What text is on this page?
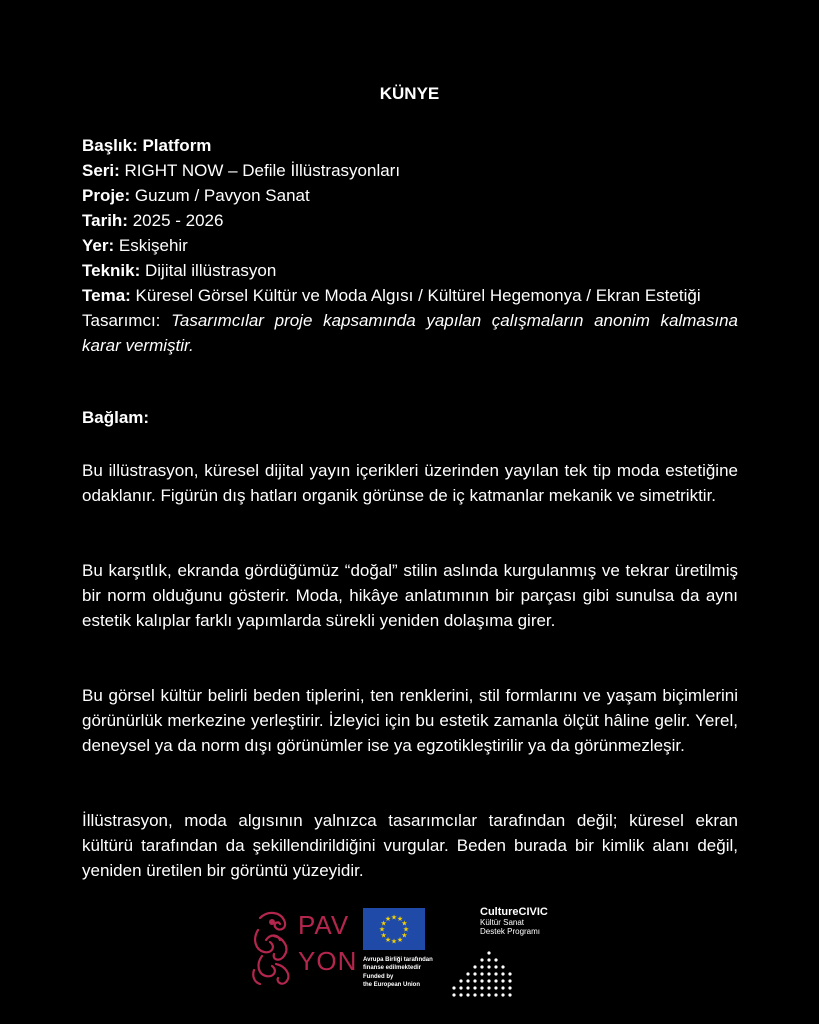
KÜNYE
Başlık: Platform
Seri: RIGHT NOW – Defile İllüstrasyonları
Proje: Guzum / Pavyon Sanat
Tarih: 2025 - 2026
Yer: Eskişehir
Teknik: Dijital illüstrasyon
Tema: Küresel Görsel Kültür ve Moda Algısı / Kültürel Hegemonya / Ekran Estetiği
Tasarımcı: Tasarımcılar proje kapsamında yapılan çalışmaların anonim kalmasına karar vermiştir.
Bağlam:
Bu illüstrasyon, küresel dijital yayın içerikleri üzerinden yayılan tek tip moda estetiğine odaklanır. Figürün dış hatları organik görünse de iç katmanlar mekanik ve simetriktir.
Bu karşıtlık, ekranda gördüğümüz “doğal” stilin aslında kurgulanmış ve tekrar üretilmiş bir norm olduğunu gösterir. Moda, hikâye anlatımının bir parçası gibi sunulsa da aynı estetik kalıplar farklı yapımlarda sürekli yeniden dolaşıma girer.
Bu görsel kültür belirli beden tiplerini, ten renklerini, stil formlarını ve yaşam biçimlerini görünürlük merkezine yerleştirir. İzleyici için bu estetik zamanla ölçüt hâline gelir. Yerel, deneysel ya da norm dışı görünümler ise ya egzotikleştirilir ya da görünmezleşir.
İllüstrasyon, moda algısının yalnızca tasarımcılar tarafından değil; küresel ekran kültürü tarafından da şekillendirildiğini vurgular. Beden burada bir kimlik alanı değil, yeniden üretilen bir görüntü yüzeyidir.
PAV
YON
★
★
★
★
★
★
★
★
★ ★ ★
★
Avrupa Birliği tarafından
finanse edilmektedir
Funded by
the European Union
CultureCIVIC
Kültür Sanat
Destek Programı
